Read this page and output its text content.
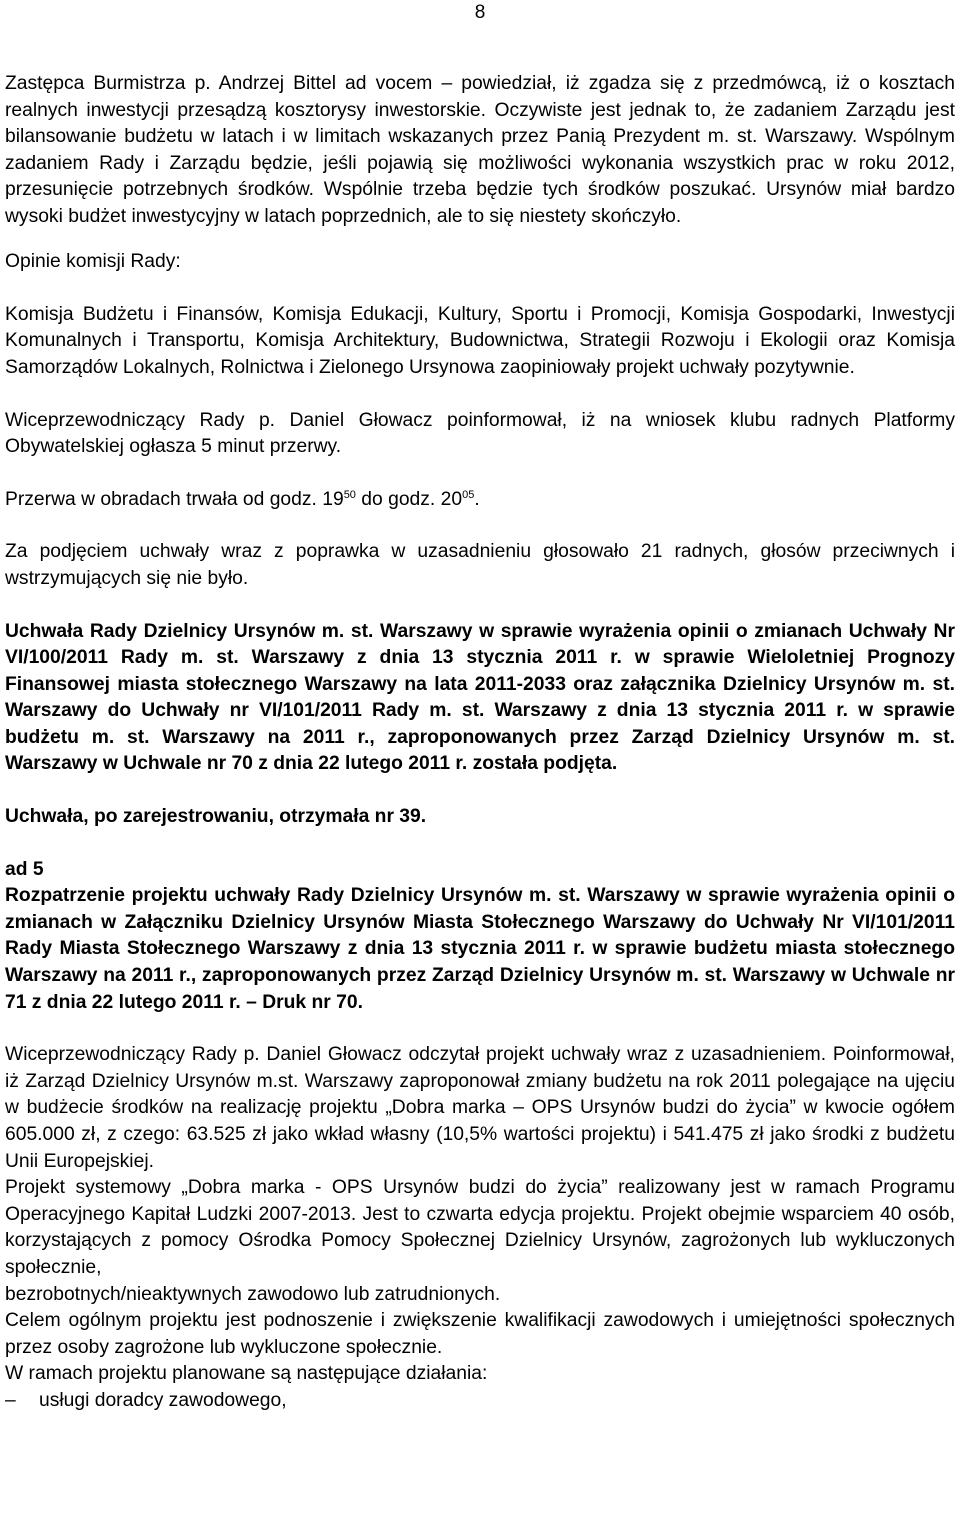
8

Zastępca Burmistrza p. Andrzej Bittel ad vocem – powiedział, iż zgadza się z przedmówcą, iż o kosztach realnych inwestycji przesądzą kosztorysy inwestorskie. Oczywiste jest jednak to, że zadaniem Zarządu jest bilansowanie budżetu w latach i w limitach wskazanych przez Panią Prezydent m. st. Warszawy. Wspólnym zadaniem Rady i Zarządu będzie, jeśli pojawią się możliwości wykonania wszystkich prac w roku 2012, przesunięcie potrzebnych środków. Wspólnie trzeba będzie tych środków poszukać. Ursynów miał bardzo wysoki budżet inwestycyjny w latach poprzednich, ale to się niestety skończyło.

Opinie komisji Rady:

Komisja Budżetu i Finansów, Komisja Edukacji, Kultury, Sportu i Promocji, Komisja Gospodarki, Inwestycji Komunalnych i Transportu, Komisja Architektury, Budownictwa, Strategii Rozwoju i Ekologii oraz Komisja Samorządów Lokalnych, Rolnictwa i Zielonego Ursynowa zaopiniowały projekt uchwały pozytywnie.

Wiceprzewodniczący Rady p. Daniel Głowacz poinformował, iż na wniosek klubu radnych Platformy Obywatelskiej ogłasza 5 minut przerwy.

Przerwa w obradach trwała od godz. $19^{50}$ do godz. $20^{05}$.

Za podjęciem uchwały wraz z poprawka w uzasadnieniu głosowało 21 radnych, głosów przeciwnych i wstrzymujących się nie było.

Uchwała Rady Dzielnicy Ursynów m. st. Warszawy w sprawie wyrażenia opinii o zmianach Uchwały Nr VI/100/2011 Rady m. st. Warszawy z dnia 13 stycznia 2011 r. w sprawie Wieloletniej Prognozy Finansowej miasta stołecznego Warszawy na lata 2011-2033 oraz załącznika Dzielnicy Ursynów m. st. Warszawy do Uchwały nr VI/101/2011 Rady m. st. Warszawy z dnia 13 stycznia 2011 r. w sprawie budżetu m. st. Warszawy na 2011 r., zaproponowanych przez Zarząd Dzielnicy Ursynów m. st. Warszawy w Uchwale nr 70 z dnia 22 lutego 2011 r. została podjęta.

Uchwała, po zarejestrowaniu, otrzymała nr 39.

ad 5

Rozpatrzenie projektu uchwały Rady Dzielnicy Ursynów m. st. Warszawy w sprawie wyrażenia opinii o zmianach w Załączniku Dzielnicy Ursynów Miasta Stołecznego Warszawy do Uchwały Nr VI/101/2011 Rady Miasta Stołecznego Warszawy z dnia 13 stycznia 2011 r. w sprawie budżetu miasta stołecznego Warszawy na 2011 r., zaproponowanych przez Zarząd Dzielnicy Ursynów m. st. Warszawy w Uchwale nr 71 z dnia 22 lutego 2011 r. – Druk nr 70.

Wiceprzewodniczący Rady p. Daniel Głowacz odczytał projekt uchwały wraz z uzasadnieniem. Poinformował, iż Zarząd Dzielnicy Ursynów m.st. Warszawy zaproponował zmiany budżetu na rok 2011 polegające na ujęciu w budżecie środków na realizację projektu „Dobra marka – OPS Ursynów budzi do życia” w kwocie ogółem 605.000 zł, z czego: 63.525 zł jako wkład własny (10,5% wartości projektu) i 541.475 zł jako środki z budżetu Unii Europejskiej.

Projekt systemowy „Dobra marka - OPS Ursynów budzi do życia” realizowany jest w ramach Programu Operacyjnego Kapitał Ludzki 2007-2013. Jest to czwarta edycja projektu. Projekt obejmie wsparciem 40 osób, korzystających z pomocy Ośrodka Pomocy Społecznej Dzielnicy Ursynów, zagrożonych lub wykluczonych społecznie,

bezrobotnych/nieaktywnych zawodowo lub zatrudnionych.

Celem ogólnym projektu jest podnoszenie i zwiększenie kwalifikacji zawodowych i umiejętności społecznych przez osoby zagrożone lub wykluczone społecznie.

W ramach projektu planowane są następujące działania:

–	usługi doradcy zawodowego,
